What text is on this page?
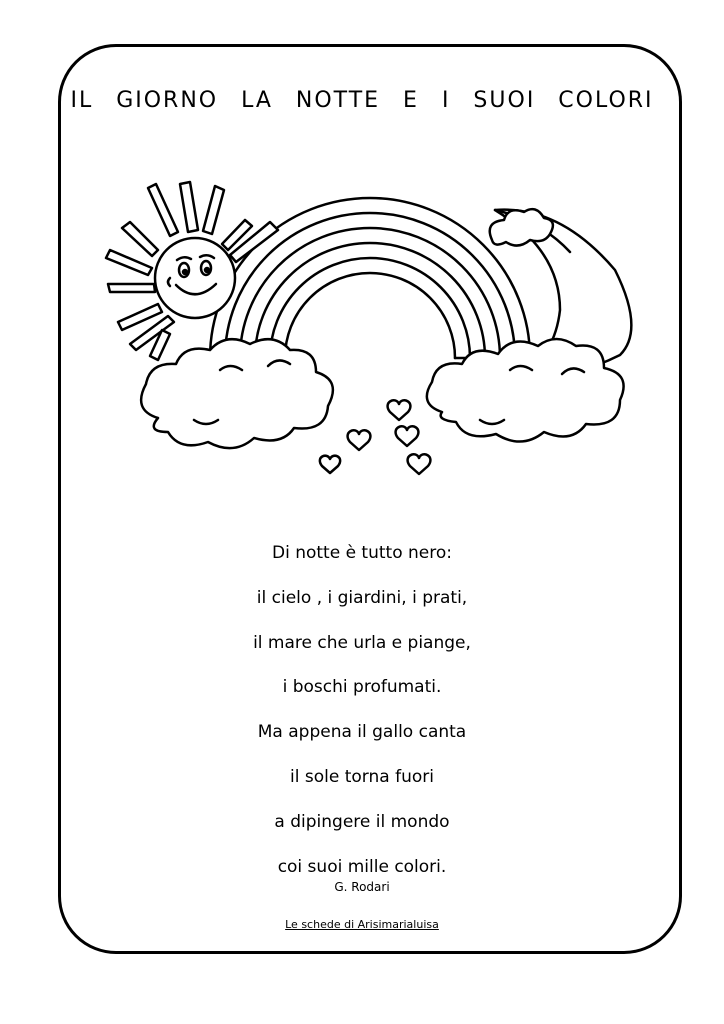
IL GIORNO LA NOTTE E I SUOI COLORI
Di notte è tutto nero:
il cielo , i giardini, i prati,
il mare che urla e piange,
i boschi profumati.
Ma appena il gallo canta
il sole torna fuori
a dipingere il mondo
coi suoi mille colori.
G. Rodari
Le schede di Arisimarialuisa
